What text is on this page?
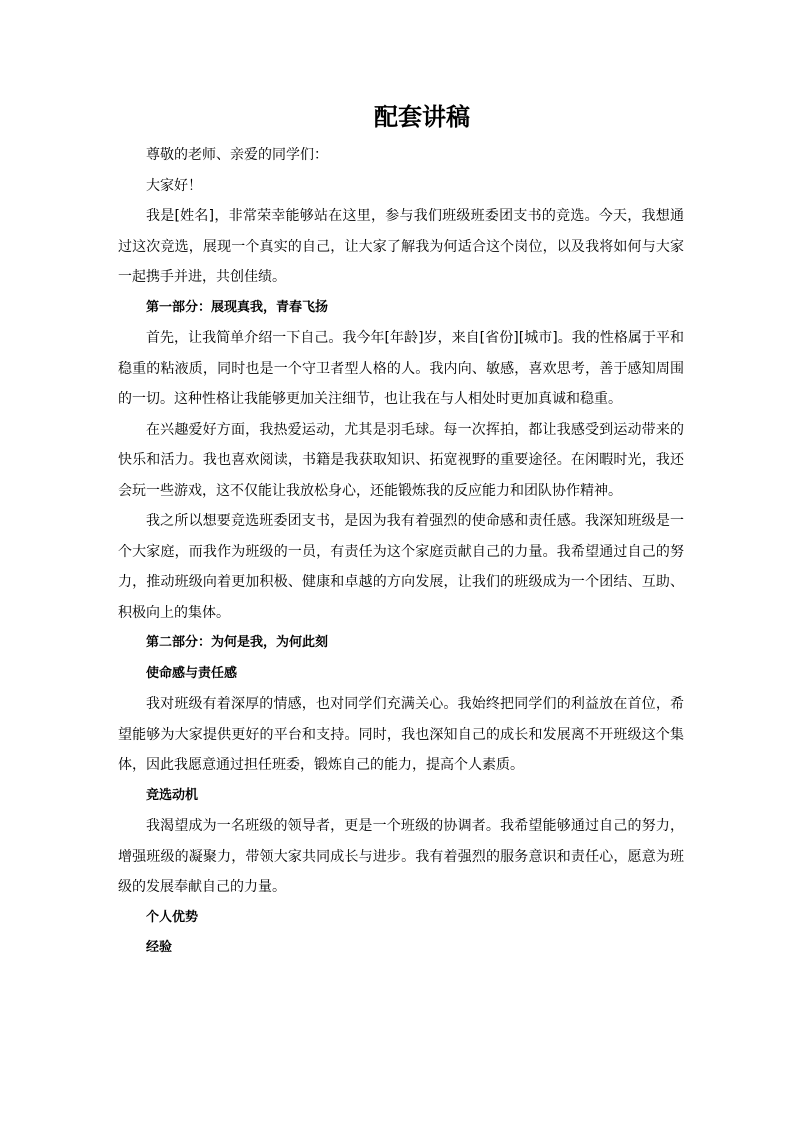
配套讲稿

尊敬的老师、亲爱的同学们：

大家好！

我是[姓名]，非常荣幸能够站在这里，参与我们班级班委团支书的竞选。今天，我想通过这次竞选，展现一个真实的自己，让大家了解我为何适合这个岗位，以及我将如何与大家一起携手并进，共创佳绩。

第一部分：展现真我，青春飞扬

首先，让我简单介绍一下自己。我今年[年龄]岁，来自[省份][城市]。我的性格属于平和稳重的粘液质，同时也是一个守卫者型人格的人。我内向、敏感，喜欢思考，善于感知周围的一切。这种性格让我能够更加关注细节，也让我在与人相处时更加真诚和稳重。

在兴趣爱好方面，我热爱运动，尤其是羽毛球。每一次挥拍，都让我感受到运动带来的快乐和活力。我也喜欢阅读，书籍是我获取知识、拓宽视野的重要途径。在闲暇时光，我还会玩一些游戏，这不仅能让我放松身心，还能锻炼我的反应能力和团队协作精神。

我之所以想要竞选班委团支书，是因为我有着强烈的使命感和责任感。我深知班级是一个大家庭，而我作为班级的一员，有责任为这个家庭贡献自己的力量。我希望通过自己的努力，推动班级向着更加积极、健康和卓越的方向发展，让我们的班级成为一个团结、互助、积极向上的集体。

第二部分：为何是我，为何此刻

使命感与责任感

我对班级有着深厚的情感，也对同学们充满关心。我始终把同学们的利益放在首位，希望能够为大家提供更好的平台和支持。同时，我也深知自己的成长和发展离不开班级这个集体，因此我愿意通过担任班委，锻炼自己的能力，提高个人素质。

竞选动机

我渴望成为一名班级的领导者，更是一个班级的协调者。我希望能够通过自己的努力，增强班级的凝聚力，带领大家共同成长与进步。我有着强烈的服务意识和责任心，愿意为班级的发展奉献自己的力量。

个人优势

经验
